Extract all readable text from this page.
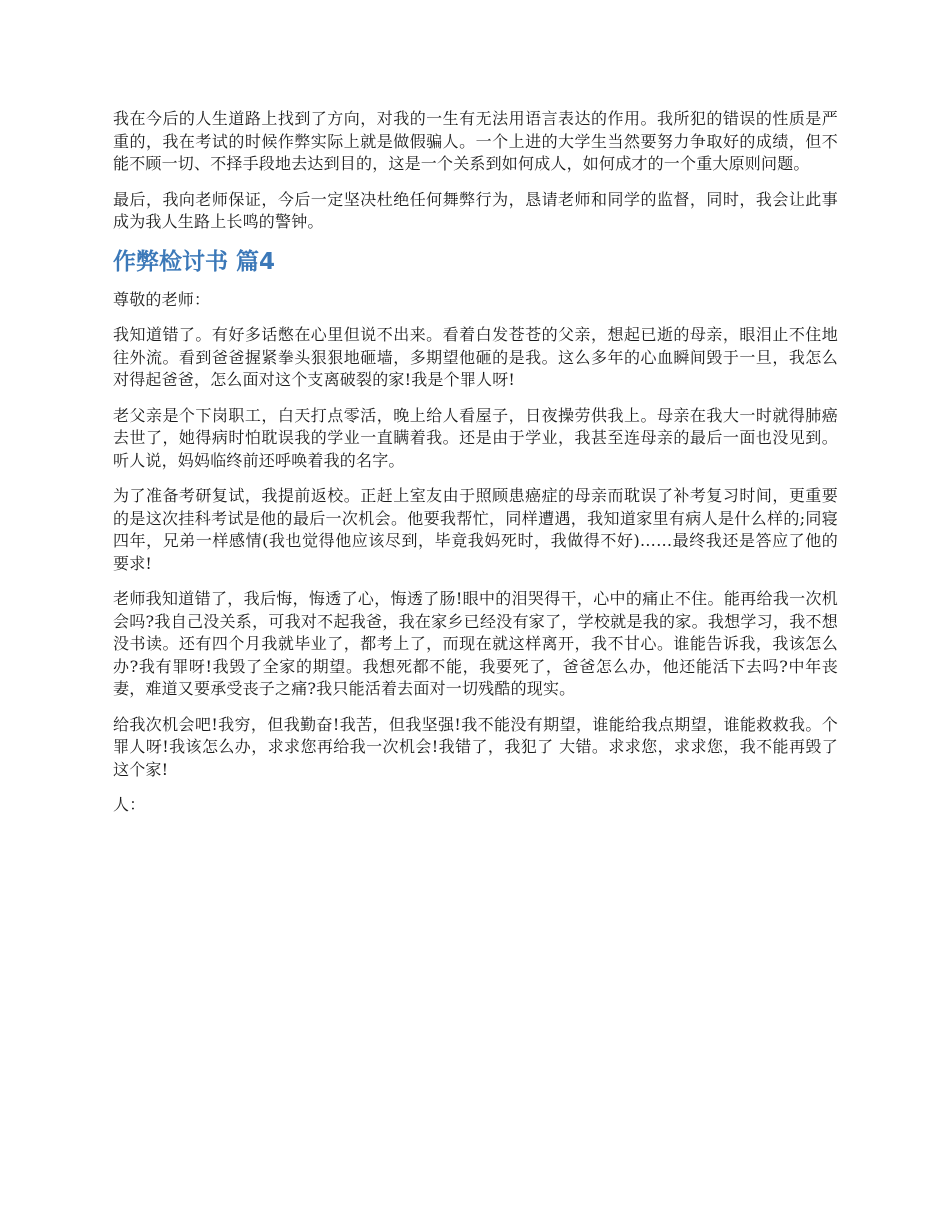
我在今后的人生道路上找到了方向，对我的一生有无法用语言表达的作用。我所犯的错误的性质是严重的，我在考试的时候作弊实际上就是做假骗人。一个上进的大学生当然要努力争取好的成绩，但不能不顾一切、不择手段地去达到目的，这是一个关系到如何成人，如何成才的一个重大原则问题。

最后，我向老师保证，今后一定坚决杜绝任何舞弊行为，恳请老师和同学的监督，同时，我会让此事成为我人生路上长鸣的警钟。

作弊检讨书 篇4

尊敬的老师：

我知道错了。有好多话憋在心里但说不出来。看着白发苍苍的父亲，想起已逝的母亲，眼泪止不住地往外流。看到爸爸握紧拳头狠狠地砸墙，多期望他砸的是我。这么多年的心血瞬间毁于一旦，我怎么对得起爸爸，怎么面对这个支离破裂的家!我是个罪人呀!

老父亲是个下岗职工，白天打点零活，晚上给人看屋子，日夜操劳供我上。母亲在我大一时就得肺癌去世了，她得病时怕耽误我的学业一直瞒着我。还是由于学业，我甚至连母亲的最后一面也没见到。听人说，妈妈临终前还呼唤着我的名字。

为了准备考研复试，我提前返校。正赶上室友由于照顾患癌症的母亲而耽误了补考复习时间，更重要的是这次挂科考试是他的最后一次机会。他要我帮忙，同样遭遇，我知道家里有病人是什么样的;同寝四年，兄弟一样感情(我也觉得他应该尽到，毕竟我妈死时，我做得不好)……最终我还是答应了他的要求!

老师我知道错了，我后悔，悔透了心，悔透了肠!眼中的泪哭得干，心中的痛止不住。能再给我一次机会吗?我自己没关系，可我对不起我爸，我在家乡已经没有家了，学校就是我的家。我想学习，我不想没书读。还有四个月我就毕业了，都考上了，而现在就这样离开，我不甘心。谁能告诉我，我该怎么办?我有罪呀!我毁了全家的期望。我想死都不能，我要死了，爸爸怎么办，他还能活下去吗?中年丧妻，难道又要承受丧子之痛?我只能活着去面对一切残酷的现实。

给我次机会吧!我穷，但我勤奋!我苦，但我坚强!我不能没有期望，谁能给我点期望，谁能救救我。个罪人呀!我该怎么办，求求您再给我一次机会!我错了，我犯了 大错。求求您，求求您，我不能再毁了这个家!

人：
